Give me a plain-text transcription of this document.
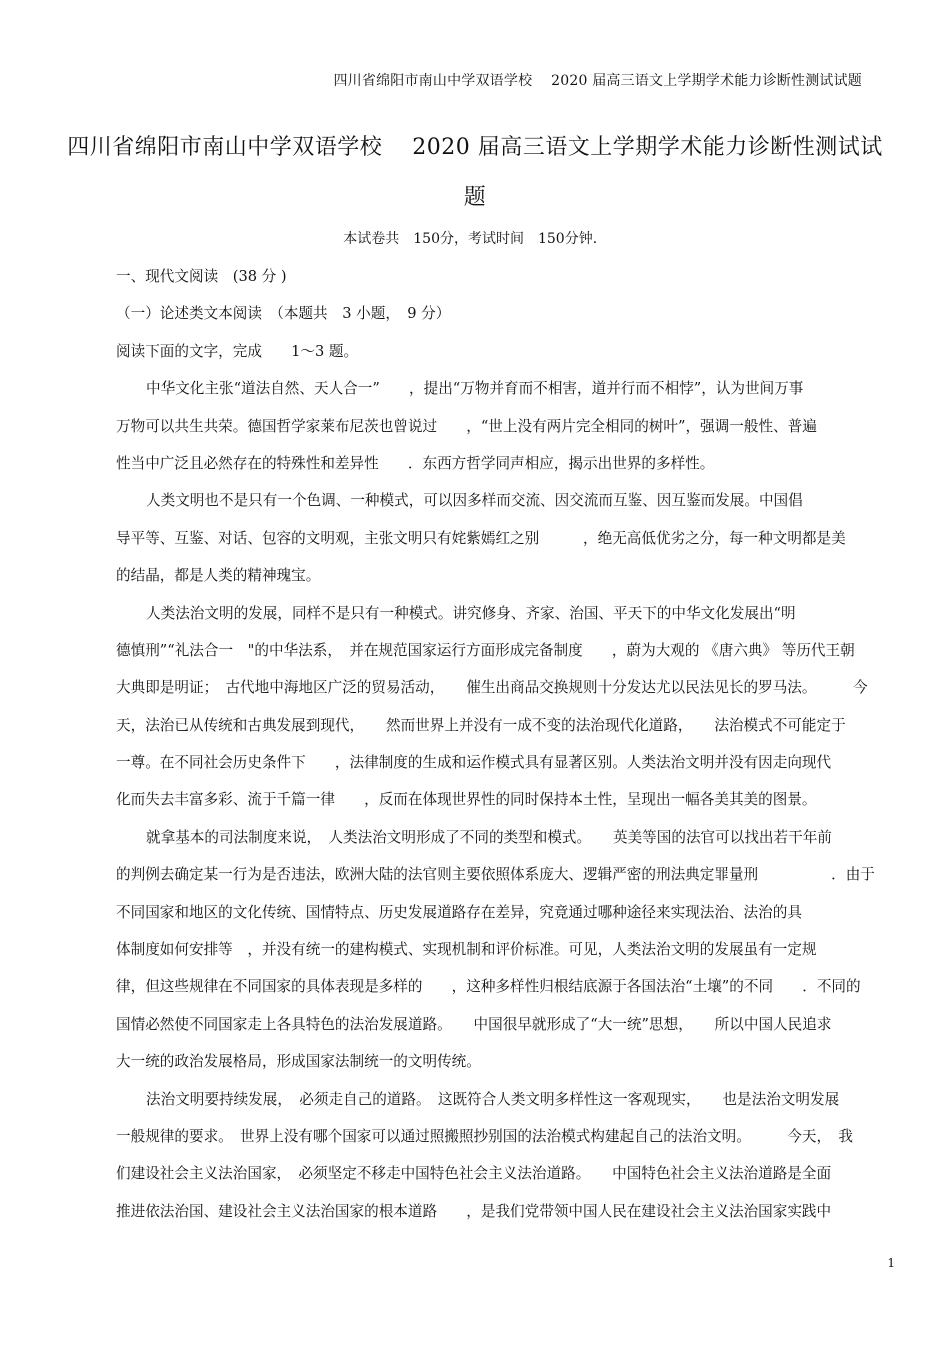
四川省绵阳市南山中学双语学校　 2020 届高三语文上学期学术能力诊断性测试试题
四川省绵阳市南山中学双语学校　 2020 届高三语文上学期学术能力诊断性测试试
题
本试卷共　150分，考试时间　150分钟．
一、现代文阅读　(38 分 )
（一）论述类文本阅读　（本题共　3 小题，　9 分）
阅读下面的文字，完成　　1～3 题。
中华文化主张“道法自然、天人合一”　　，提出“万物并育而不相害，道并行而不相悖”，认为世间万事
万物可以共生共荣。德国哲学家莱布尼茨也曾说过　　，“世上没有两片完全相同的树叶”，强调一般性、普遍
性当中广泛且必然存在的特殊性和差异性　　．东西方哲学同声相应，揭示出世界的多样性。
人类文明也不是只有一个色调、一种模式，可以因多样而交流、因交流而互鉴、因互鉴而发展。中国倡
导平等、互鉴、对话、包容的文明观，主张文明只有姹紫嫣红之别　　　，绝无高低优劣之分，每一种文明都是美
的结晶，都是人类的精神瑰宝。
人类法治文明的发展，同样不是只有一种模式。讲究修身、齐家、治国、平天下的中华文化发展出“明
德慎刑”“礼法合一　"的中华法系，　并在规范国家运行方面形成完备制度　　，蔚为大观的 《唐六典》 等历代王朝
大典即是明证；　古代地中海地区广泛的贸易活动，　　催生出商品交换规则十分发达尤以民法见长的罗马法。　　　今
天，法治已从传统和古典发展到现代，　　然而世界上并没有一成不变的法治现代化道路，　　法治模式不可能定于
一尊。在不同社会历史条件下　　，法律制度的生成和运作模式具有显著区别。人类法治文明并没有因走向现代
化而失去丰富多彩、流于千篇一律　　，反而在体现世界性的同时保持本土性，呈现出一幅各美其美的图景。
就拿基本的司法制度来说，　人类法治文明形成了不同的类型和模式。　　英美等国的法官可以找出若干年前
的判例去确定某一行为是否违法，欧洲大陆的法官则主要依照体系庞大、逻辑严密的刑法典定罪量刑　　　　　．由于
不同国家和地区的文化传统、国情特点、历史发展道路存在差异，究竟通过哪种途径来实现法治、法治的具
体制度如何安排等　，并没有统一的建构模式、实现机制和评价标准。可见，人类法治文明的发展虽有一定规
律，但这些规律在不同国家的具体表现是多样的　　，这种多样性归根结底源于各国法治“土壤”的不同　　．不同的
国情必然使不同国家走上各具特色的法治发展道路。　　中国很早就形成了“大一统”思想，　　所以中国人民追求
大一统的政治发展格局，形成国家法制统一的文明传统。
法治文明要持续发展，　必须走自己的道路。　这既符合人类文明多样性这一客观现实，　　也是法治文明发展
一般规律的要求。　世界上没有哪个国家可以通过照搬照抄别国的法治模式构建起自己的法治文明。　　　今天，　我
们建设社会主义法治国家，　必须坚定不移走中国特色社会主义法治道路。　　中国特色社会主义法治道路是全面
推进依法治国、建设社会主义法治国家的根本道路　　，是我们党带领中国人民在建设社会主义法治国家实践中
1
